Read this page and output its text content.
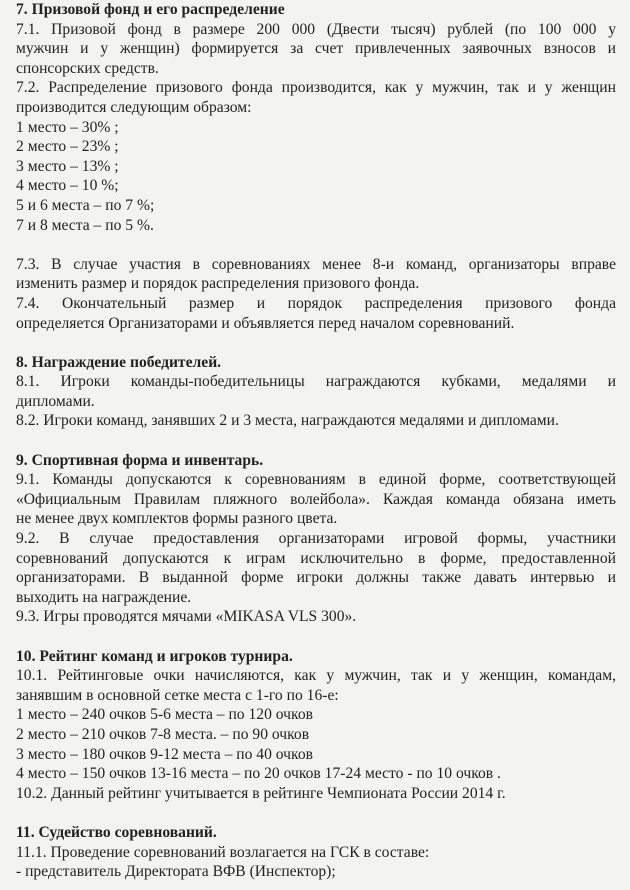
7. Призовой фонд и его распределение
7.1. Призовой фонд в размере 200 000 (Двести тысяч) рублей (по 100 000 у
мужчин и у женщин) формируется за счет привлеченных заявочных взносов и
спонсорских средств.
7.2. Распределение призового фонда производится, как у мужчин, так и у женщин
производится следующим образом:
1 место – 30% ;
2 место – 23% ;
3 место – 13% ;
4 место – 10 %;
5 и 6 места – по 7 %;
7 и 8 места – по 5 %.
7.3. В случае участия в соревнованиях менее 8-и команд, организаторы вправе
изменить размер и порядок распределения призового фонда.
7.4. Окончательный размер и порядок распределения призового фонда
определяется Организаторами и объявляется перед началом соревнований.
8. Награждение победителей.
8.1. Игроки команды-победительницы награждаются кубками, медалями и
дипломами.
8.2. Игроки команд, занявших 2 и 3 места, награждаются медалями и дипломами.
9. Спортивная форма и инвентарь.
9.1. Команды допускаются к соревнованиям в единой форме, соответствующей
«Официальным Правилам пляжного волейбола». Каждая команда обязана иметь
не менее двух комплектов формы разного цвета.
9.2. В случае предоставления организаторами игровой формы, участники
соревнований допускаются к играм исключительно в форме, предоставленной
организаторами. В выданной форме игроки должны также давать интервью и
выходить на награждение.
9.3. Игры проводятся мячами «MIKASA VLS 300».
10. Рейтинг команд и игроков турнира.
10.1. Рейтинговые очки начисляются, как у мужчин, так и у женщин, командам,
занявшим в основной сетке места с 1-го по 16-е:
1 место – 240 очков 5-6 места – по 120 очков
2 место – 210 очков 7-8 места. – по 90 очков
3 место – 180 очков 9-12 места – по 40 очков
4 место – 150 очков 13-16 места – по 20 очков 17-24 место - по 10 очков .
10.2. Данный рейтинг учитывается в рейтинге Чемпионата России 2014 г.
11. Судейство соревнований.
11.1. Проведение соревнований возлагается на ГСК в составе:
- представитель Директората ВФВ (Инспектор);
